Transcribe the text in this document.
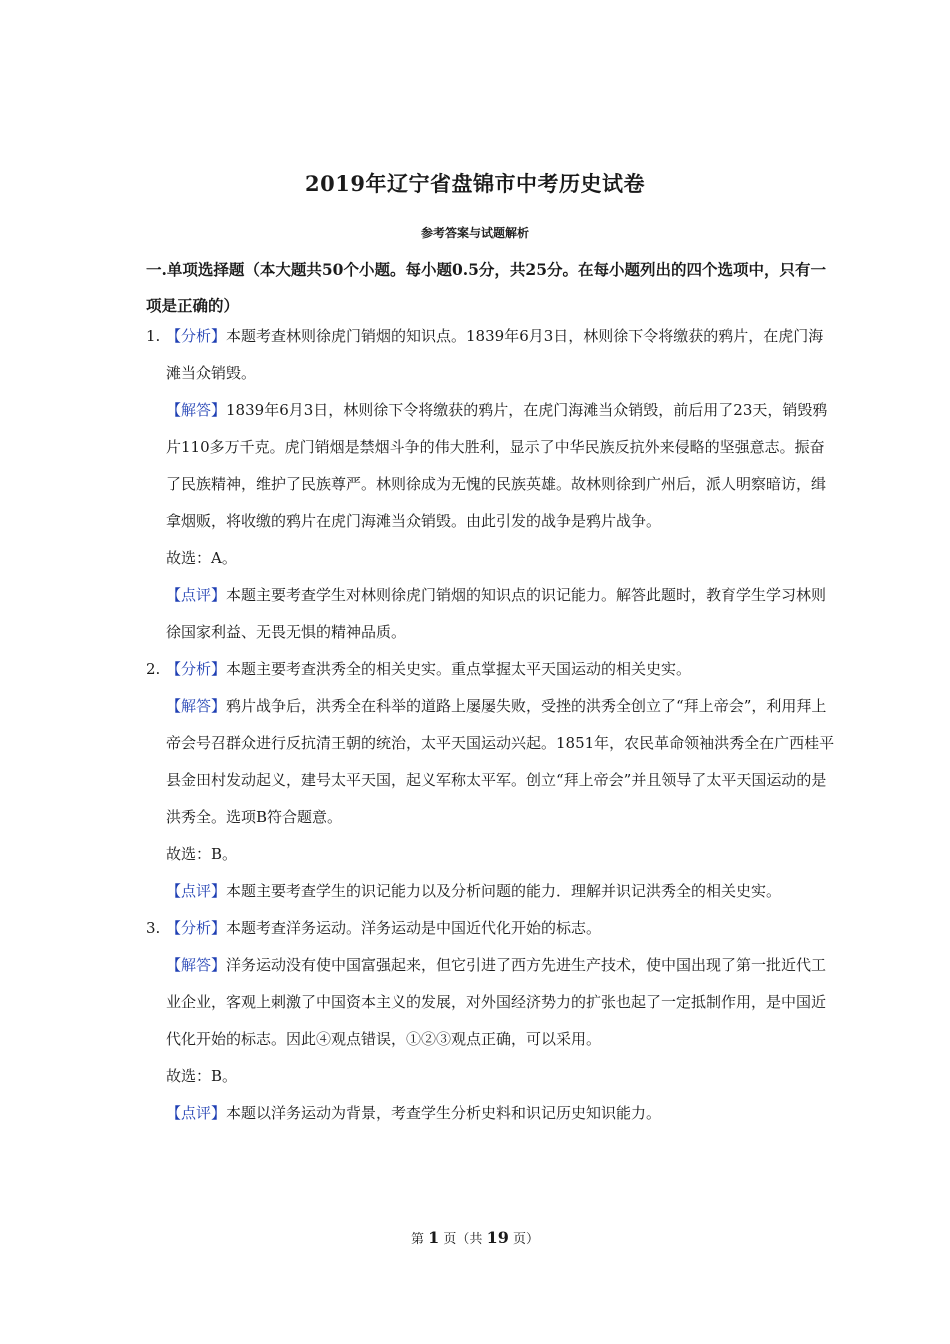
2019年辽宁省盘锦市中考历史试卷
参考答案与试题解析
一.单项选择题（本大题共50个小题。每小题0.5分，共25分。在每小题列出的四个选项中，只有一项是正确的）
1. 【分析】本题考查林则徐虎门销烟的知识点。1839年6月3日，林则徐下令将缴获的鸦片，在虎门海滩当众销毁。
【解答】1839年6月3日，林则徐下令将缴获的鸦片，在虎门海滩当众销毁，前后用了23天，销毁鸦片110多万千克。虎门销烟是禁烟斗争的伟大胜利，显示了中华民族反抗外来侵略的坚强意志。振奋了民族精神，维护了民族尊严。林则徐成为无愧的民族英雄。故林则徐到广州后，派人明察暗访，缉拿烟贩，将收缴的鸦片在虎门海滩当众销毁。由此引发的战争是鸦片战争。
故选：A。
【点评】本题主要考查学生对林则徐虎门销烟的知识点的识记能力。解答此题时，教育学生学习林则徐国家利益、无畏无惧的精神品质。
2. 【分析】本题主要考查洪秀全的相关史实。重点掌握太平天国运动的相关史实。
【解答】鸦片战争后，洪秀全在科举的道路上屡屡失败，受挫的洪秀全创立了“拜上帝会”，利用拜上帝会号召群众进行反抗清王朝的统治，太平天国运动兴起。1851年，农民革命领袖洪秀全在广西桂平县金田村发动起义，建号太平天国，起义军称太平军。创立“拜上帝会”并且领导了太平天国运动的是洪秀全。选项B符合题意。
故选：B。
【点评】本题主要考查学生的识记能力以及分析问题的能力．理解并识记洪秀全的相关史实。
3. 【分析】本题考查洋务运动。洋务运动是中国近代化开始的标志。
【解答】洋务运动没有使中国富强起来，但它引进了西方先进生产技术，使中国出现了第一批近代工业企业，客观上刺激了中国资本主义的发展，对外国经济势力的扩张也起了一定抵制作用，是中国近代化开始的标志。因此④观点错误，①②③观点正确，可以采用。
故选：B。
【点评】本题以洋务运动为背景，考查学生分析史料和识记历史知识能力。
第 1 页（共 19 页）
